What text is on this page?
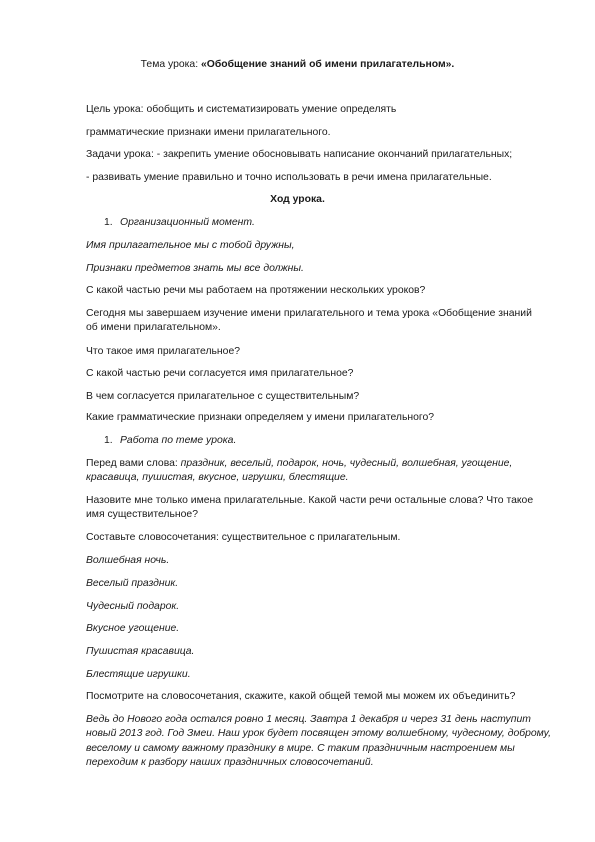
Тема урока: «Обобщение знаний об имени прилагательном».
Цель урока: обобщить и систематизировать умение определять
грамматические признаки имени прилагательного.
Задачи урока: - закрепить умение обосновывать написание окончаний прилагательных;
- развивать умение правильно и точно использовать в речи имена прилагательные.
Ход урока.
1. Организационный момент.
Имя прилагательное мы с тобой дружны,
Признаки предметов знать мы все должны.
С какой частью речи мы работаем на протяжении нескольких уроков?
Сегодня мы завершаем изучение имени прилагательного и тема урока «Обобщение знаний
об имени прилагательном».
Что такое имя прилагательное?
С какой частью речи согласуется имя прилагательное?
В чем согласуется прилагательное с существительным?
Какие грамматические признаки определяем у имени прилагательного?
1. Работа по теме урока.
Перед вами слова: праздник, веселый, подарок, ночь, чудесный, волшебная, угощение,
красавица, пушистая, вкусное, игрушки, блестящие.
Назовите мне только имена прилагательные. Какой части речи остальные слова? Что такое
имя существительное?
Составьте словосочетания: существительное с прилагательным.
Волшебная ночь.
Веселый праздник.
Чудесный подарок.
Вкусное угощение.
Пушистая красавица.
Блестящие игрушки.
Посмотрите на словосочетания, скажите, какой общей темой мы можем их объединить?
Ведь до Нового года остался ровно 1 месяц. Завтра 1 декабря и через 31 день наступит
новый 2013 год. Год Змеи. Наш урок будет посвящен этому волшебному, чудесному, доброму,
веселому и самому важному празднику в мире. С таким праздничным настроением мы
переходим к разбору наших праздничных словосочетаний.
